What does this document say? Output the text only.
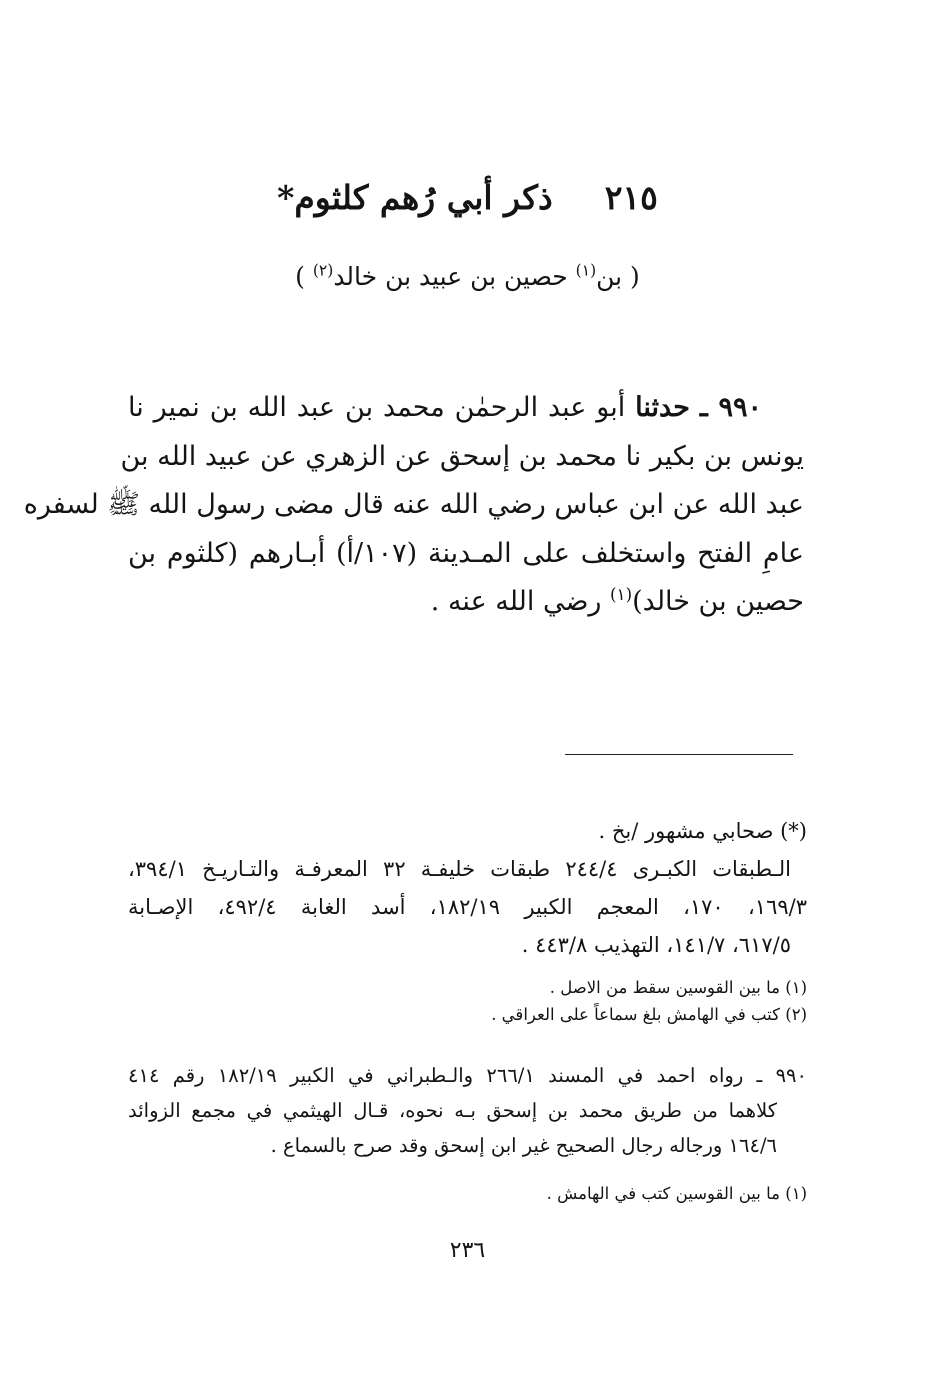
٢١٥ذكر أبي رُهم كلثوم*
( بن$^{(١)}$ حصين بن عبيد بن خالد$^{(٢)}$ )
٩٩٠ ـ حدثنا أبو عبد الرحمٰن محمد بن عبد الله بن نمير نا
يونس بن بكير نا محمد بن إسحق عن الزهري عن عبيد الله بن
عبد الله عن ابن عباس رضي الله عنه قال مضى رسول الله ﷺ لسفره
عامِ الفتح واستخلف على المـدينة (١٠٧/أ) أبـارهم (كلثوم بن
حصين بن خالد)$^{(١)}$ رضي الله عنه .
(*) صحابي مشهور /بخ .
الـطبقات الكبـرى ٢٤٤/٤ طبقات خليفـة ٣٢ المعرفـة والتـاريـخ ٣٩٤/١،
١٦٩/٣، ١٧٠، المعجم الكبير ١٨٢/١٩، أسد الغابة ٤٩٢/٤، الإصـابة
٦١٧/٥، ١٤١/٧، التهذيب ٤٤٣/٨ .
(١) ما بين القوسين سقط من الاصل .
(٢) كتب في الهامش بلغ سماعاً على العراقي .
٩٩٠ ـ رواه احمد في المسند ٢٦٦/١ والـطبراني في الكبير ١٨٢/١٩ رقم ٤١٤
كلاهما من طريق محمد بن إسحق بـه نحوه، قـال الهيثمي في مجمع الزوائد
١٦٤/٦ ورجاله رجال الصحيح غير ابن إسحق وقد صرح بالسماع .
(١) ما بين القوسين كتب في الهامش .
٢٣٦
